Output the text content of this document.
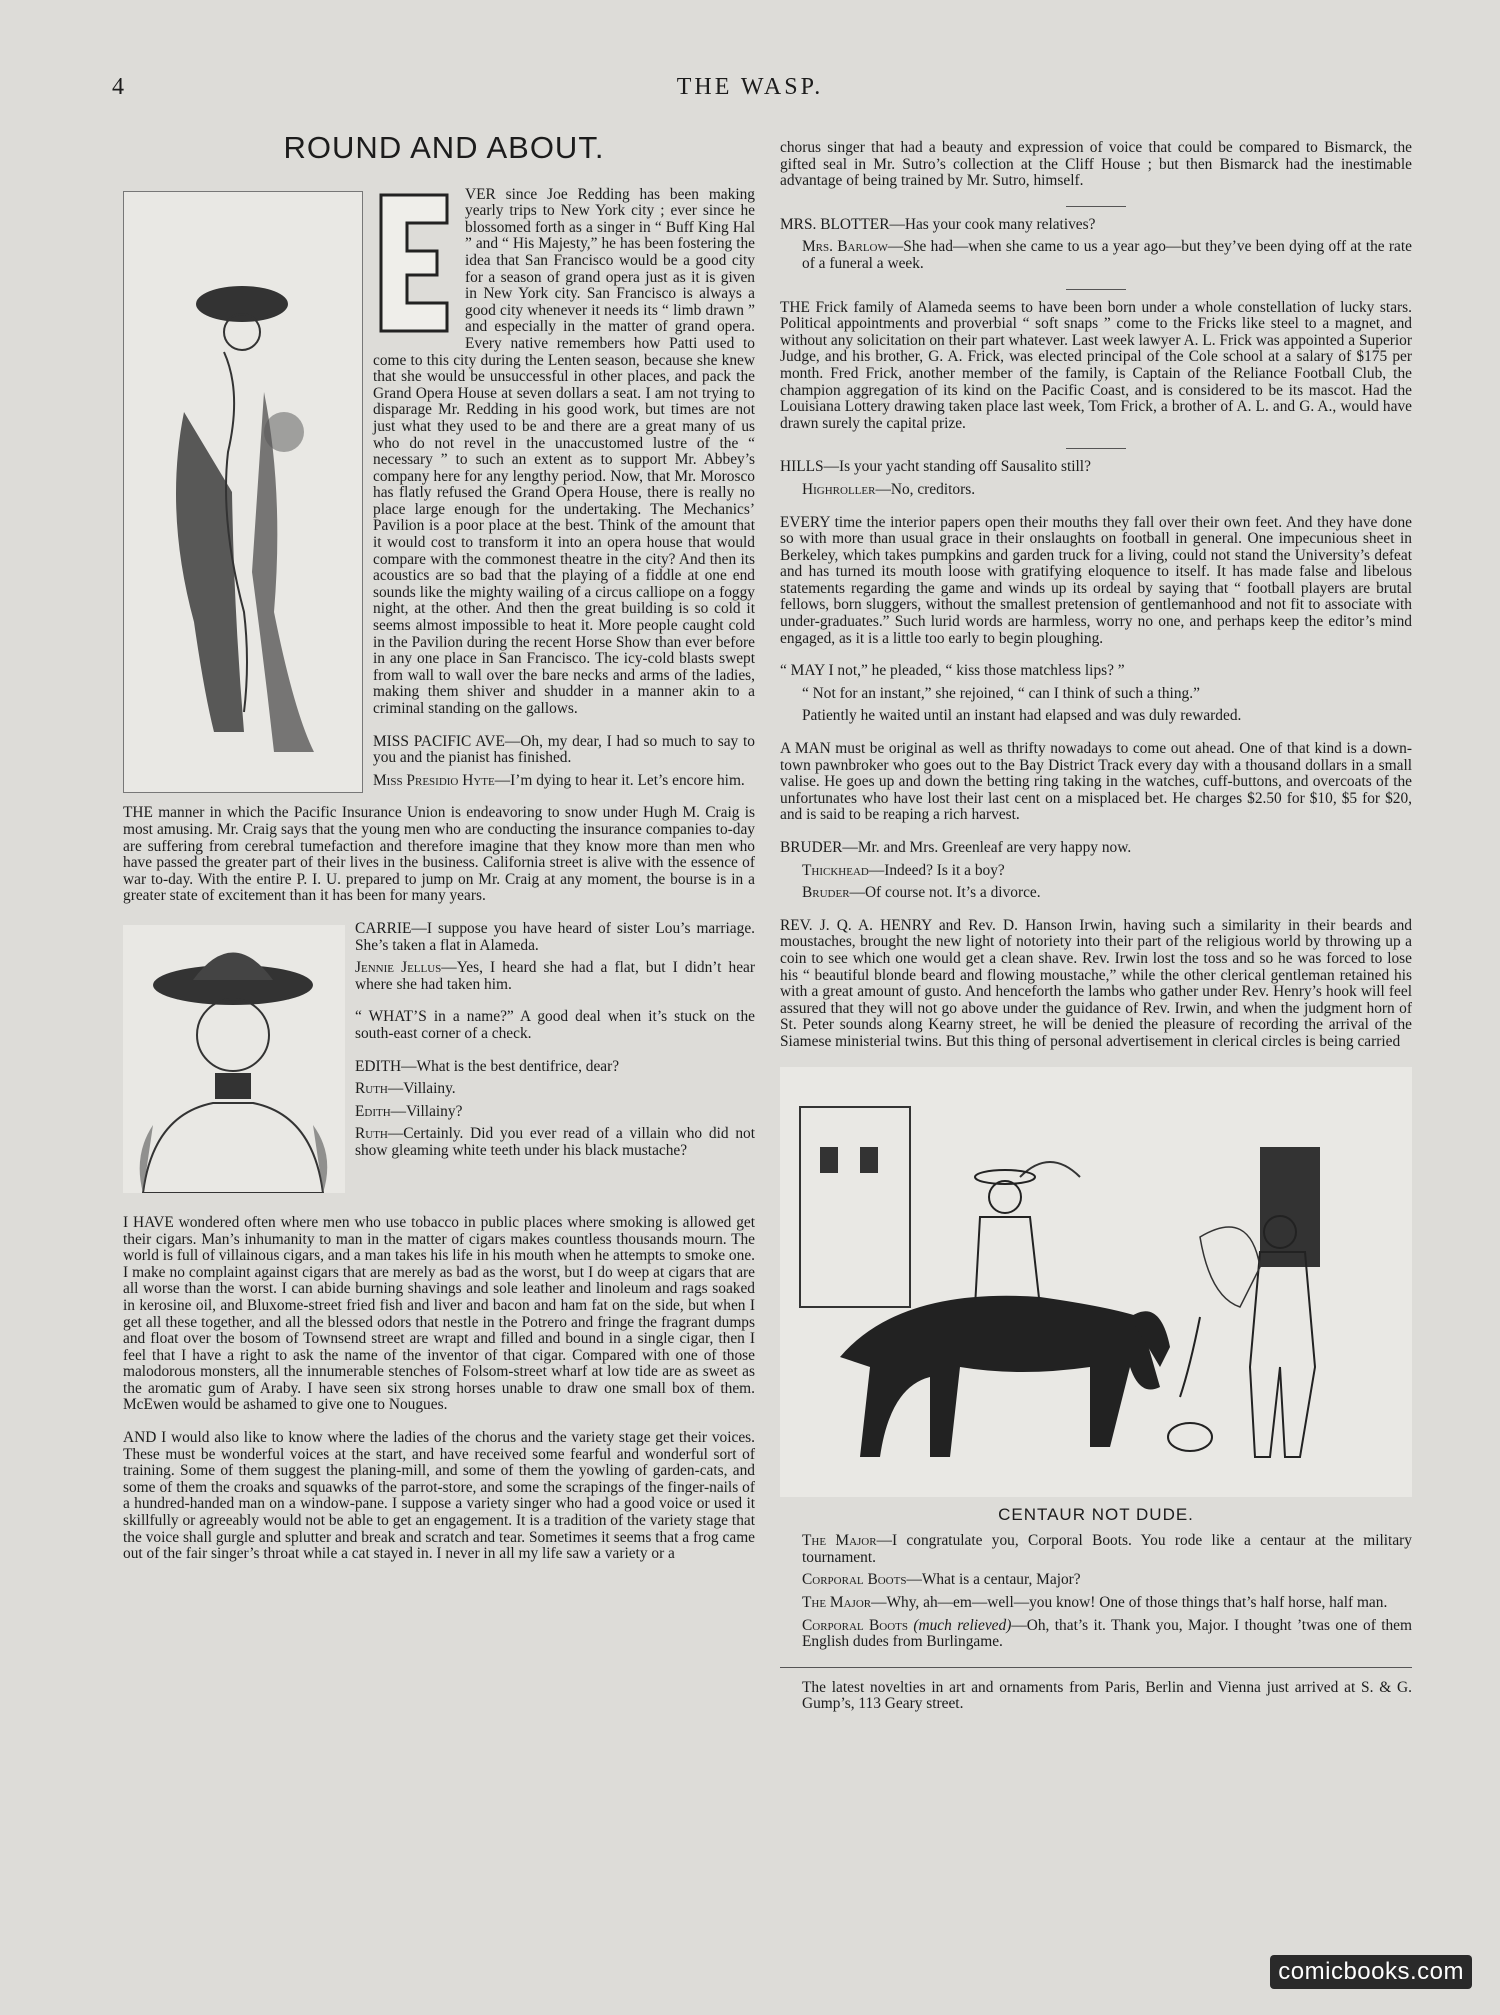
4	THE WASP.
ROUND AND ABOUT.

VER since Joe Redding has been making yearly trips to New York city ; ever since he blossomed forth as a singer in “ Buff King Hal ” and “ His Majesty,” he has been fostering the idea that San Francisco would be a good city for a season of grand opera just as it is given in New York city. San Francisco is always a good city whenever it needs its “ limb drawn ” and especially in the matter of grand opera. Every native remembers how Patti used to come to this city during the Lenten season, because she knew that she would be unsuccessful in other places, and pack the Grand Opera House at seven dollars a seat. I am not trying to disparage Mr. Redding in his good work, but times are not just what they used to be and there are a great many of us who do not revel in the unaccustomed lustre of the “ necessary ” to such an extent as to support Mr. Abbey’s company here for any lengthy period. Now, that Mr. Morosco has flatly refused the Grand Opera House, there is really no place large enough for the undertaking. The Mechanics’ Pavilion is a poor place at the best. Think of the amount that it would cost to transform it into an opera house that would compare with the commonest theatre in the city? And then its acoustics are so bad that the playing of a fiddle at one end sounds like the mighty wailing of a circus calliope on a foggy night, at the other. And then the great building is so cold it seems almost impossible to heat it. More people caught cold in the Pavilion during the recent Horse Show than ever before in any one place in San Francisco. The icy-cold blasts swept from wall to wall over the bare necks and arms of the ladies, making them shiver and shudder in a manner akin to a criminal standing on the gallows.

MISS PACIFIC AVE—Oh, my dear, I had so much to say to you and the pianist has finished.

Miss Presidio Hyte—I’m dying to hear it. Let’s encore him.

THE manner in which the Pacific Insurance Union is endeavoring to snow under Hugh M. Craig is most amusing. Mr. Craig says that the young men who are conducting the insurance companies to-day are suffering from cerebral tumefaction and therefore imagine that they know more than men who have passed the greater part of their lives in the business. California street is alive with the essence of war to-day. With the entire P. I. U. prepared to jump on Mr. Craig at any moment, the bourse is in a greater state of excitement than it has been for many years.

CARRIE—I suppose you have heard of sister Lou’s marriage. She’s taken a flat in Alameda.

Jennie Jellus—Yes, I heard she had a flat, but I didn’t hear where she had taken him.

“ WHAT’S in a name?” A good deal when it’s stuck on the south-east corner of a check.

EDITH—What is the best dentifrice, dear?

Ruth—Villainy.

Edith—Villainy?

Ruth—Certainly. Did you ever read of a villain who did not show gleaming white teeth under his black mustache?

I HAVE wondered often where men who use tobacco in public places where smoking is allowed get their cigars. Man’s inhumanity to man in the matter of cigars makes countless thousands mourn. The world is full of villainous cigars, and a man takes his life in his mouth when he attempts to smoke one. I make no complaint against cigars that are merely as bad as the worst, but I do weep at cigars that are all worse than the worst. I can abide burning shavings and sole leather and linoleum and rags soaked in kerosine oil, and Bluxome-street fried fish and liver and bacon and ham fat on the side, but when I get all these together, and all the blessed odors that nestle in the Potrero and fringe the fragrant dumps and float over the bosom of Townsend street are wrapt and filled and bound in a single cigar, then I feel that I have a right to ask the name of the inventor of that cigar. Compared with one of those malodorous monsters, all the innumerable stenches of Folsom-street wharf at low tide are as sweet as the aromatic gum of Araby. I have seen six strong horses unable to draw one small box of them. McEwen would be ashamed to give one to Nougues.

AND I would also like to know where the ladies of the chorus and the variety stage get their voices. These must be wonderful voices at the start, and have received some fearful and wonderful sort of training. Some of them suggest the planing-mill, and some of them the yowling of garden-cats, and some of them the croaks and squawks of the parrot-store, and some the scrapings of the finger-nails of a hundred-handed man on a window-pane. I suppose a variety singer who had a good voice or used it skillfully or agreeably would not be able to get an engagement. It is a tradition of the variety stage that the voice shall gurgle and splutter and break and scratch and tear. Sometimes it seems that a frog came out of the fair singer’s throat while a cat stayed in. I never in all my life saw a variety or a

chorus singer that had a beauty and expression of voice that could be compared to Bismarck, the gifted seal in Mr. Sutro’s collection at the Cliff House ; but then Bismarck had the inestimable advantage of being trained by Mr. Sutro, himself.

MRS. BLOTTER—Has your cook many relatives?

Mrs. Barlow—She had—when she came to us a year ago—but they’ve been dying off at the rate of a funeral a week.

THE Frick family of Alameda seems to have been born under a whole constellation of lucky stars. Political appointments and proverbial “ soft snaps ” come to the Fricks like steel to a magnet, and without any solicitation on their part whatever. Last week lawyer A. L. Frick was appointed a Superior Judge, and his brother, G. A. Frick, was elected principal of the Cole school at a salary of $175 per month. Fred Frick, another member of the family, is Captain of the Reliance Football Club, the champion aggregation of its kind on the Pacific Coast, and is considered to be its mascot. Had the Louisiana Lottery drawing taken place last week, Tom Frick, a brother of A. L. and G. A., would have drawn surely the capital prize.

HILLS—Is your yacht standing off Sausalito still?

Highroller—No, creditors.

EVERY time the interior papers open their mouths they fall over their own feet. And they have done so with more than usual grace in their onslaughts on football in general. One impecunious sheet in Berkeley, which takes pumpkins and garden truck for a living, could not stand the University’s defeat and has turned its mouth loose with gratifying eloquence to itself. It has made false and libelous statements regarding the game and winds up its ordeal by saying that “ football players are brutal fellows, born sluggers, without the smallest pretension of gentlemanhood and not fit to associate with under-graduates.” Such lurid words are harmless, worry no one, and perhaps keep the editor’s mind engaged, as it is a little too early to begin ploughing.

“ MAY I not,” he pleaded, “ kiss those matchless lips? ”

“ Not for an instant,” she rejoined, “ can I think of such a thing.”

Patiently he waited until an instant had elapsed and was duly rewarded.

A MAN must be original as well as thrifty nowadays to come out ahead. One of that kind is a down-town pawnbroker who goes out to the Bay District Track every day with a thousand dollars in a small valise. He goes up and down the betting ring taking in the watches, cuff-buttons, and overcoats of the unfortunates who have lost their last cent on a misplaced bet. He charges $2.50 for $10, $5 for $20, and is said to be reaping a rich harvest.

BRUDER—Mr. and Mrs. Greenleaf are very happy now.

Thickhead—Indeed? Is it a boy?

Bruder—Of course not. It’s a divorce.

REV. J. Q. A. HENRY and Rev. D. Hanson Irwin, having such a similarity in their beards and moustaches, brought the new light of notoriety into their part of the religious world by throwing up a coin to see which one would get a clean shave. Rev. Irwin lost the toss and so he was forced to lose his “ beautiful blonde beard and flowing moustache,” while the other clerical gentleman retained his with a great amount of gusto. And henceforth the lambs who gather under Rev. Henry’s hook will feel assured that they will not go above under the guidance of Rev. Irwin, and when the judgment horn of St. Peter sounds along Kearny street, he will be denied the pleasure of recording the arrival of the Siamese ministerial twins. But this thing of personal advertisement in clerical circles is being carried

CENTAUR NOT DUDE.

The Major—I congratulate you, Corporal Boots. You rode like a centaur at the military tournament.

Corporal Boots—What is a centaur, Major?

The Major—Why, ah—em—well—you know! One of those things that’s half horse, half man.

Corporal Boots (much relieved)—Oh, that’s it. Thank you, Major. I thought ’twas one of them English dudes from Burlingame.

The latest novelties in art and ornaments from Paris, Berlin and Vienna just arrived at S. & G. Gump’s, 113 Geary street.

comicbooks.com
